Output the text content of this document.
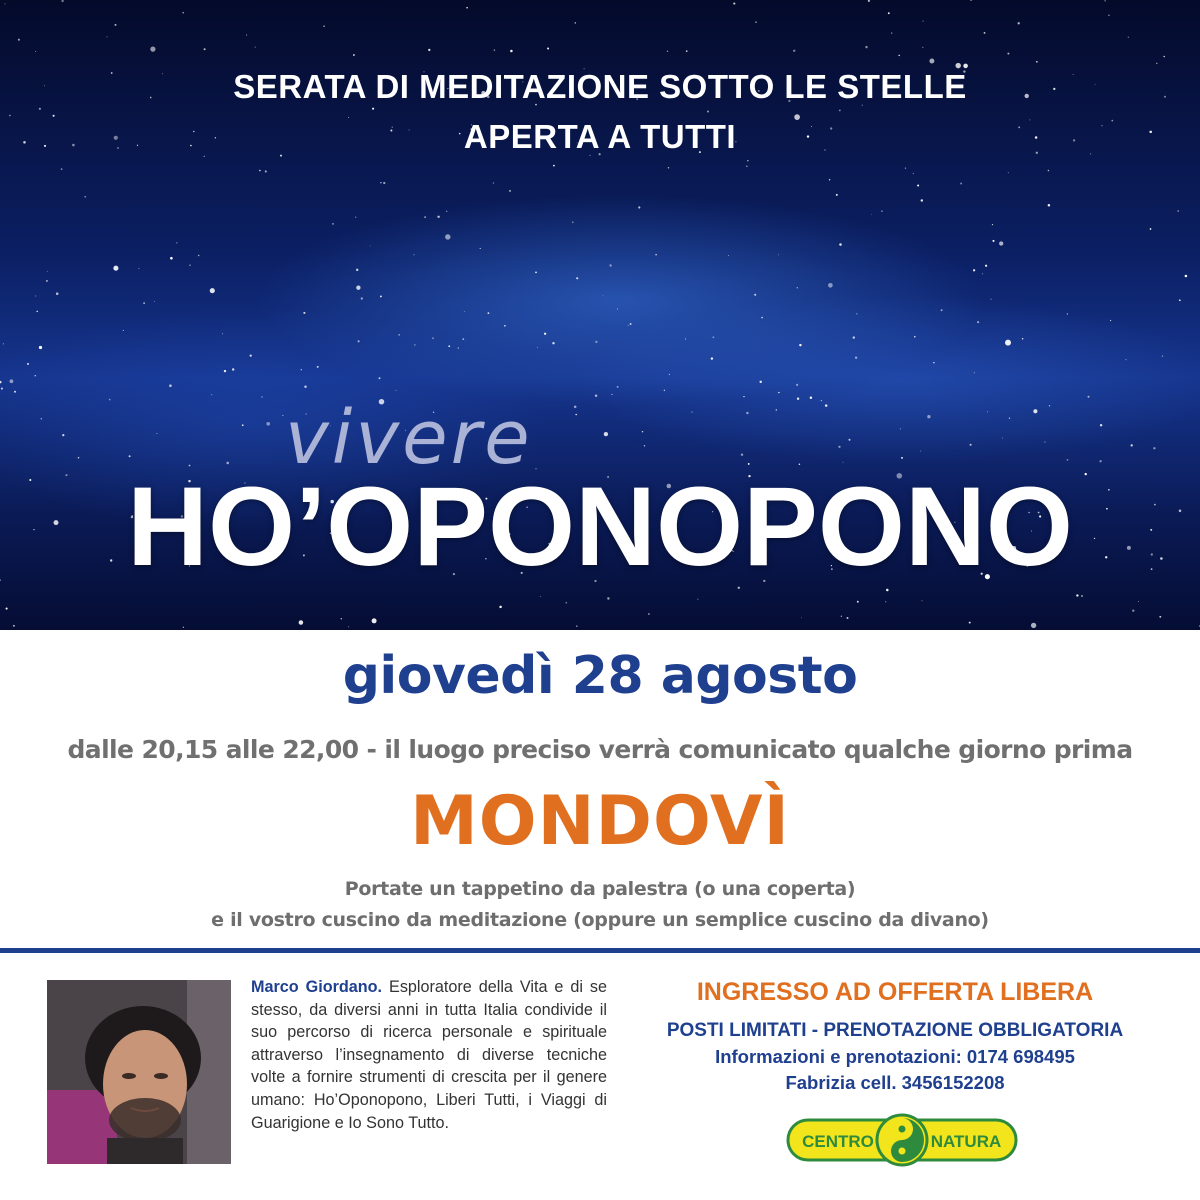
SERATA DI MEDITAZIONE SOTTO LE STELLE

APERTA A TUTTI

vivere

HO’OPONOPONO

giovedì 28 agosto

dalle 20,15 alle 22,00 - il luogo preciso verrà comunicato qualche giorno prima

MONDOVÌ

Portate un tappetino da palestra (o una coperta)

e il vostro cuscino da meditazione (oppure un semplice cuscino da divano)

Marco Giordano. Esploratore della Vita e di se stesso, da diversi anni in tutta Italia condivide il suo percorso di ricerca personale e spirituale attraverso l’insegnamento di diverse tecniche volte a fornire strumenti di crescita per il genere umano: Ho’Oponopono, Liberi Tutti, i Viaggi di Guarigione e Io Sono Tutto.

INGRESSO AD OFFERTA LIBERA

POSTI LIMITATI - PRENOTAZIONE OBBLIGATORIA

Informazioni e prenotazioni: 0174 698495

Fabrizia cell. 3456152208

CENTRO	NATURA
